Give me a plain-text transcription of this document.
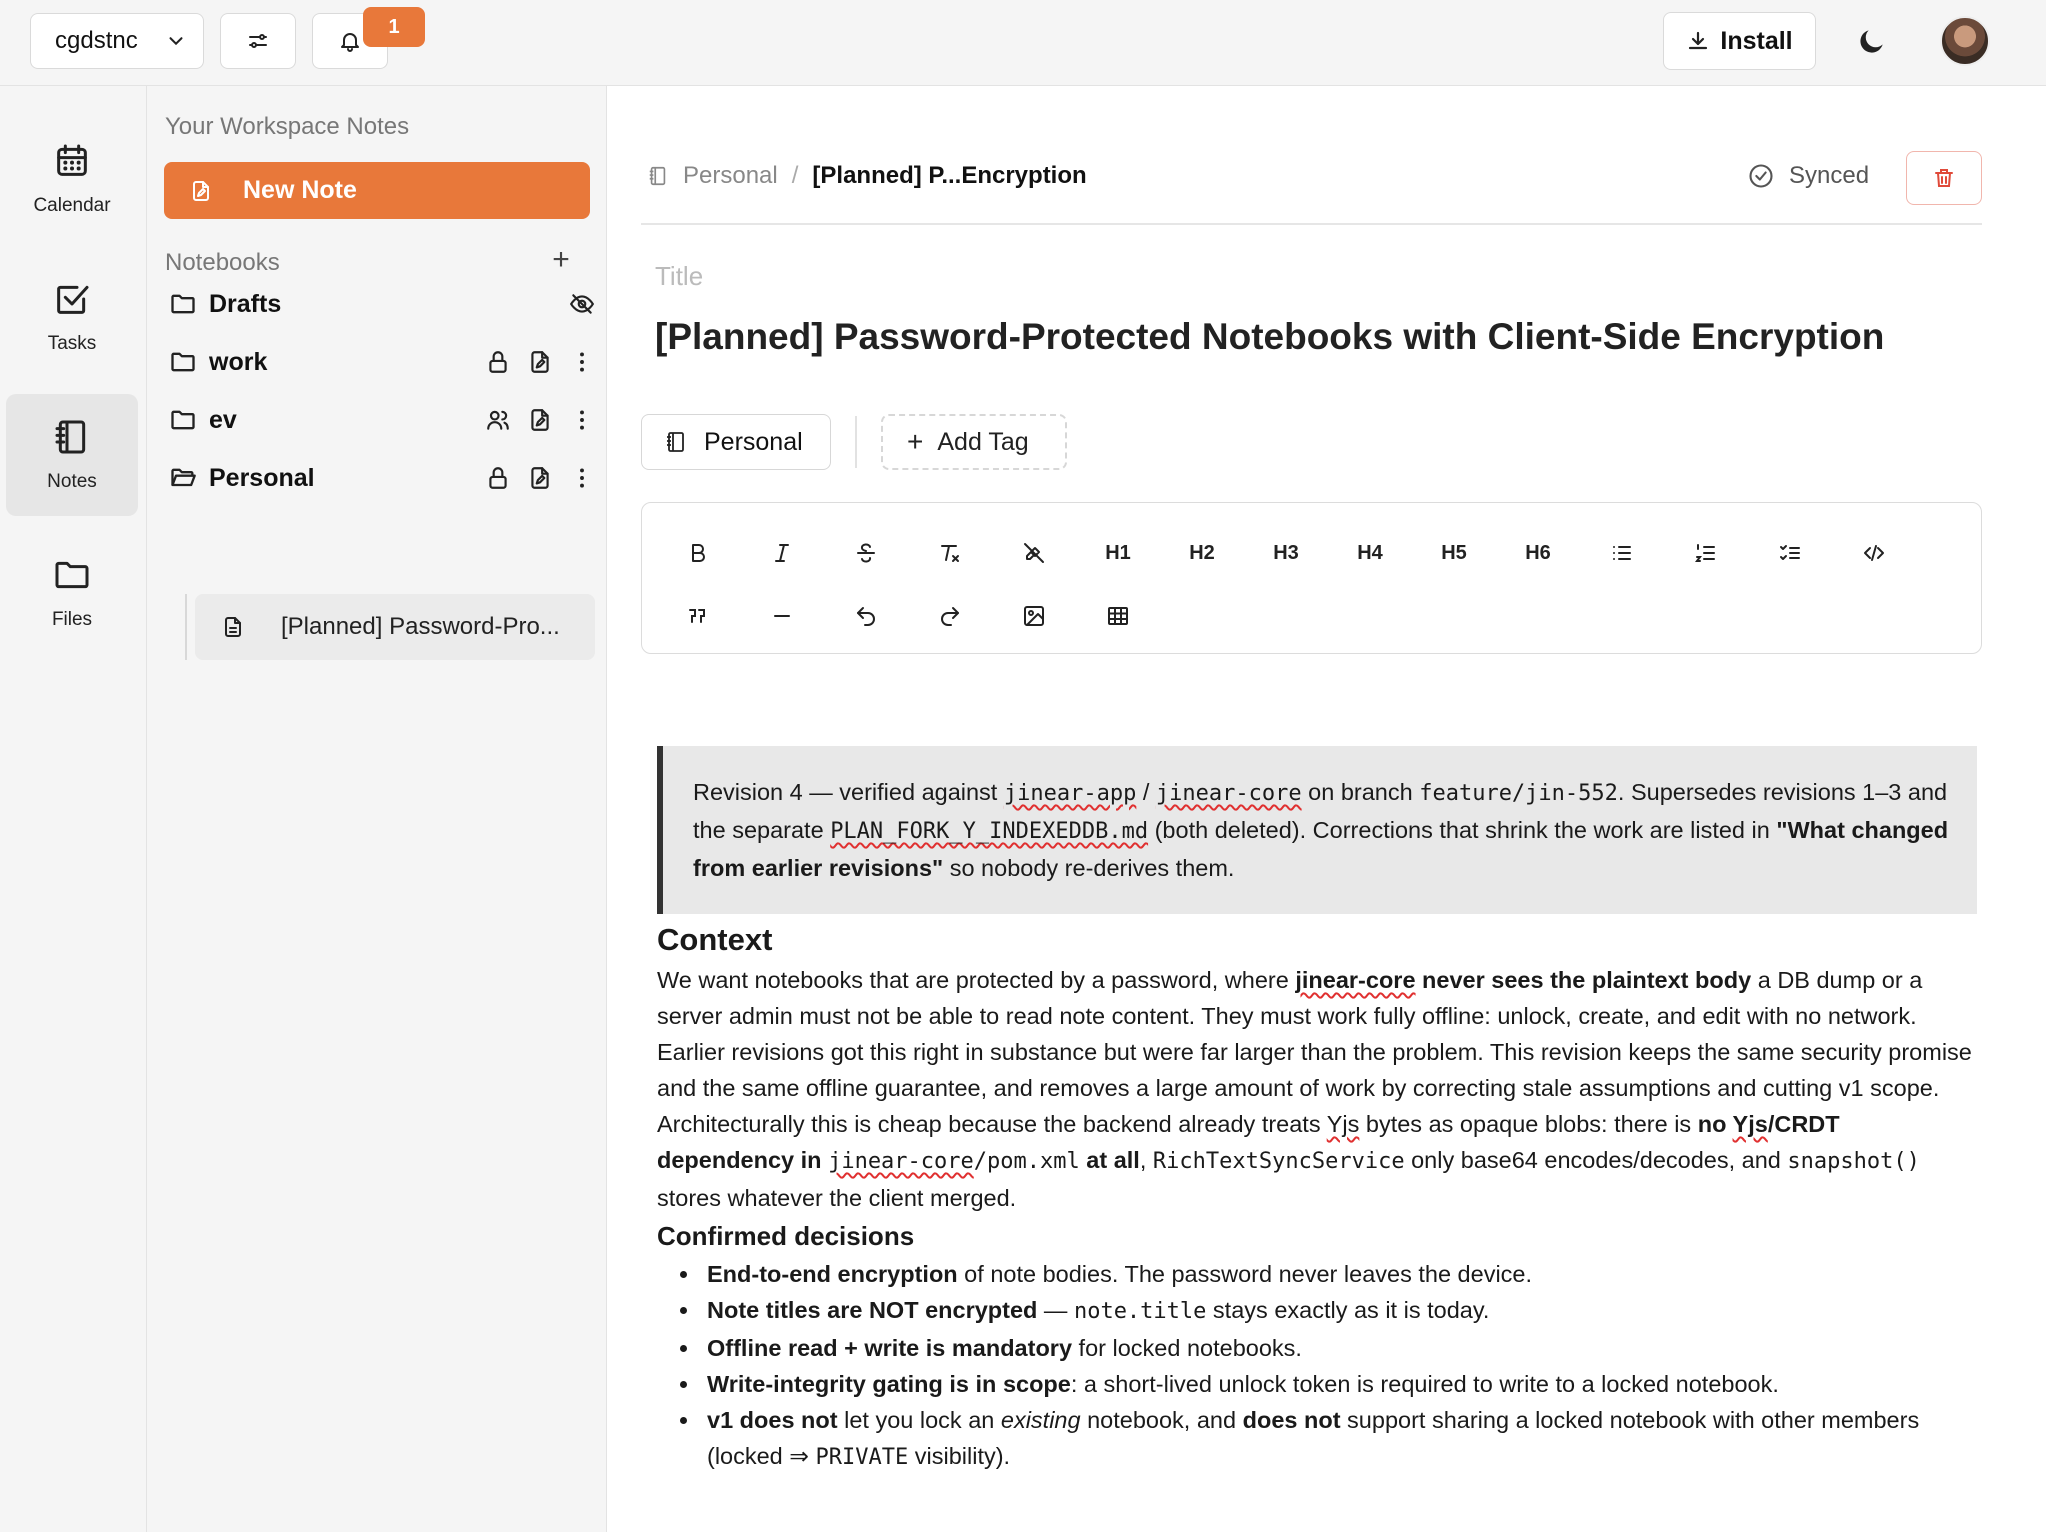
cgdstnc
1	Install
Calendar
Tasks
Notes
Files
Your Workspace Notes
New Note
Notebooks	+
Drafts
work
ev
Personal
[Planned] Password-Pro...
Personal / [Planned] P...Encryption	Synced
Title
[Planned] Password-Protected Notebooks with Client-Side Encryption
Personal	+ Add Tag
H1	H2	H3	H4	H5	H6
Revision 4 — verified against jinear-app / jinear-core on branch feature/jin-552. Supersedes revisions 1–3 and the separate PLAN_FORK_Y_INDEXEDDB.md (both deleted). Corrections that shrink the work are listed in "What changed from earlier revisions" so nobody re-derives them.
Context

We want notebooks that are protected by a password, where jinear-core never sees the plaintext body a DB dump or a server admin must not be able to read note content. They must work fully offline: unlock, create, and edit with no network.

Earlier revisions got this right in substance but were far larger than the problem. This revision keeps the same security promise and the same offline guarantee, and removes a large amount of work by correcting stale assumptions and cutting v1 scope.

Architecturally this is cheap because the backend already treats Yjs bytes as opaque blobs: there is no Yjs/CRDT dependency in jinear-core/pom.xml at all, RichTextSyncService only base64 encodes/decodes, and snapshot() stores whatever the client merged.

Confirmed decisions
• End-to-end encryption of note bodies. The password never leaves the device.
• Note titles are NOT encrypted — note.title stays exactly as it is today.
• Offline read + write is mandatory for locked notebooks.
• Write-integrity gating is in scope: a short-lived unlock token is required to write to a locked notebook.
• v1 does not let you lock an existing notebook, and does not support sharing a locked notebook with other members (locked ⇒ PRIVATE visibility).
